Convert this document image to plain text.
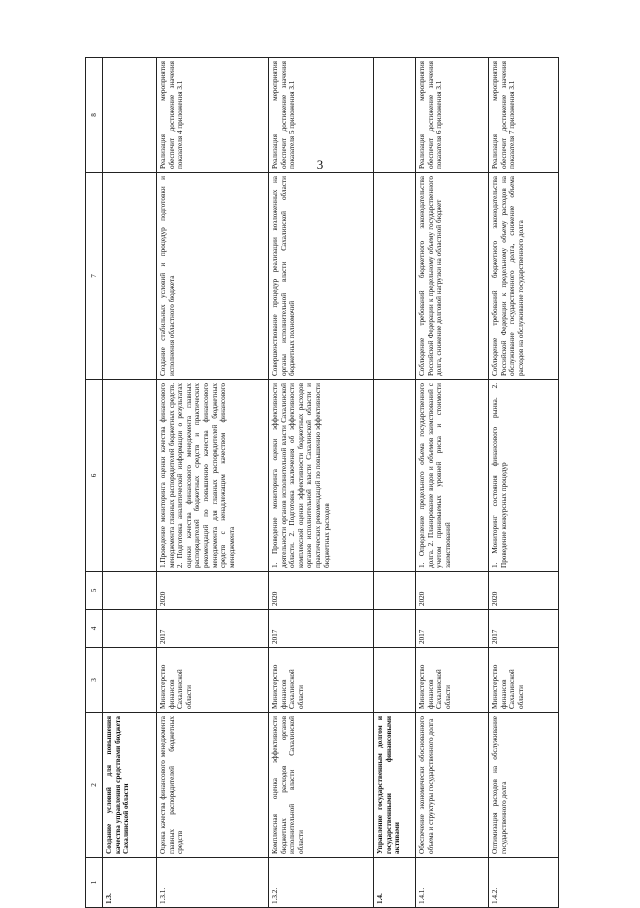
3
1	2	3	4	5	6	7	8
1.3.	Создание условий для повышения качества управления средствами бюджета Сахалинской области						
1.3.1.	Оценка качества финансового менеджмента главных распорядителей бюджетных средств	Министерство финансов Сахалинской области	2017	2020	1.Проведение мониторинга оценки качества финансового менеджмента главных распорядителей бюджетных средств. 2. Подготовка аналитической информации о результатах оценки качества финансового менеджмента главных распорядителей бюджетных средств и практических рекомендаций по повышению качества финансового менеджмента для главных распорядителей бюджетных средств с ненадлежащим качеством финансового менеджмента	Создание стабильных условий и процедур подготовки и исполнения областного бюджета	Реализация мероприятия обеспечит достижение значения показателя 4 приложения 3.1
1.3.2.	Комплексная оценка эффективности бюджетных расходов органов исполнительной власти Сахалинской области	Министерство финансов Сахалинской области	2017	2020	1. Проведение мониторинга оценки эффективности деятельности органов исполнительной власти Сахалинской области. 2. Подготовка заключения об эффективности комплексной оценки эффективности бюджетных расходов органов исполнительной власти Сахалинской области и практических рекомендаций по повышению эффективности бюджетных расходов	Совершенствование процедур реализации возложенных на органы исполнительной власти Сахалинской области бюджетных полномочий	Реализация мероприятия обеспечит достижение значения показателя 5 приложения 3.1
1.4.	Управление государственным долгом и государственными финансовыми активами						
1.4.1.	Обеспечение экономически обоснованного объема и структуры государственного долга	Министерство финансов Сахалинской области	2017	2020	1. Определение предельного объема государственного долга. 2. Планирование видов и объемов заимствований с учетом принимаемых уровней риска и стоимости заимствований	Соблюдение требований бюджетного законодательства Российской Федерации к предельному объему государственного долга, снижение долговой нагрузки на областной бюджет	Реализация мероприятия обеспечит достижение значения показателя 6 приложения 3.1
1.4.2.	Оптимизация расходов на обслуживание государственного долга	Министерство финансов Сахалинской области	2017	2020	1. Мониторинг состояния финансового рынка. 2. Проведение конкурсных процедур	Соблюдение требований бюджетного законодательства Российской Федерации к предельному объему расходов на обслуживание государственного долга, снижение объема расходов на обслуживание государственного долга	Реализация мероприятия обеспечит достижение значения показателя 7 приложения 3.1
